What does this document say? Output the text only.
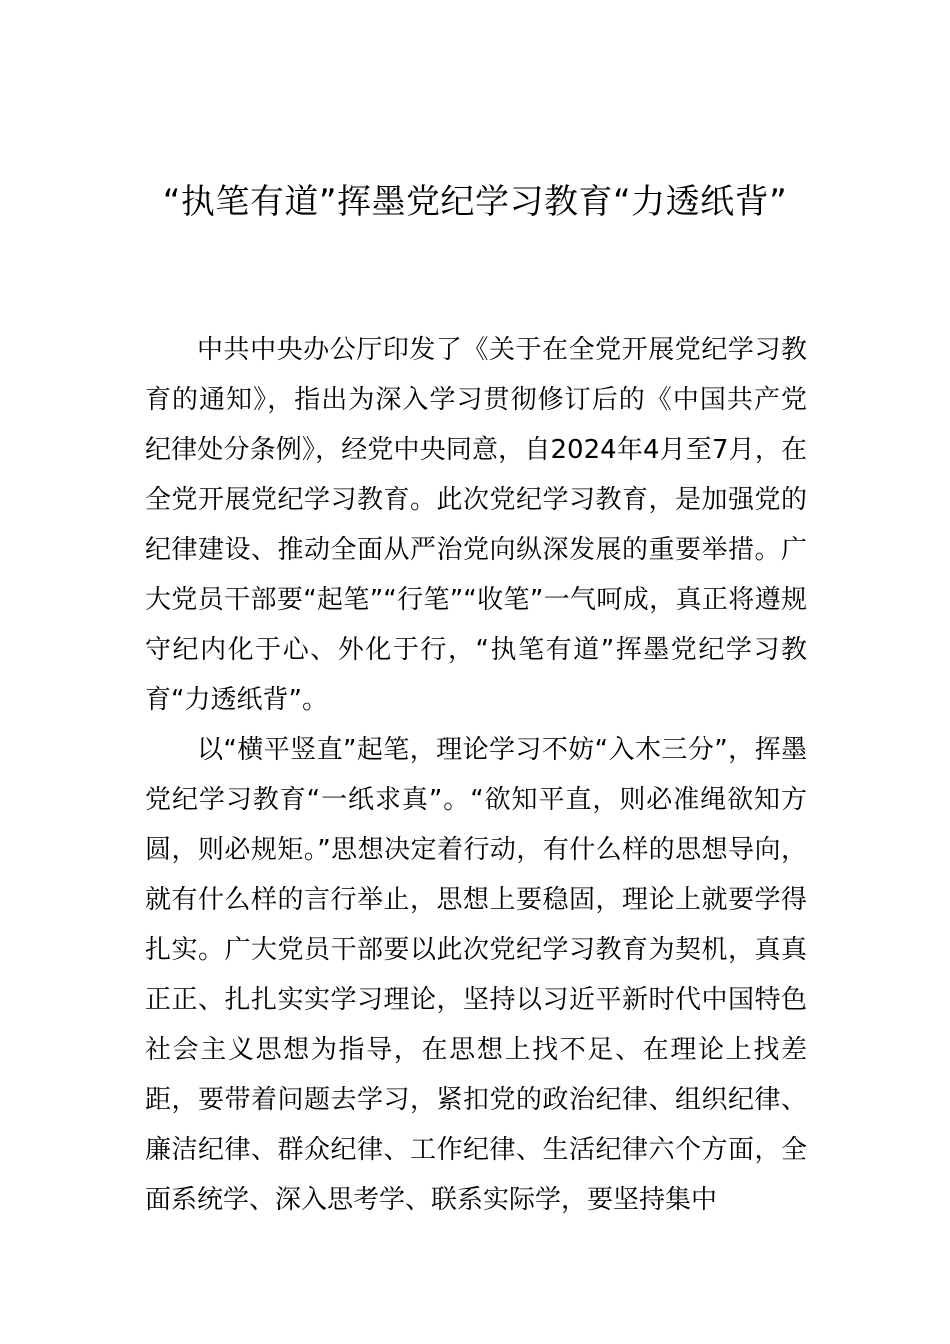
“执笔有道”挥墨党纪学习教育“力透纸背”

中共中央办公厅印发了《关于在全党开展党纪学习教育的通知》，指出为深入学习贯彻修订后的《中国共产党纪律处分条例》，经党中央同意，自2024年4月至7月，在全党开展党纪学习教育。此次党纪学习教育，是加强党的纪律建设、推动全面从严治党向纵深发展的重要举措。广大党员干部要“起笔”“行笔”“收笔”一气呵成，真正将遵规守纪内化于心、外化于行，“执笔有道”挥墨党纪学习教育“力透纸背”。

以“横平竖直”起笔，理论学习不妨“入木三分”，挥墨党纪学习教育“一纸求真”。“欲知平直，则必准绳欲知方圆，则必规矩。”思想决定着行动，有什么样的思想导向，就有什么样的言行举止，思想上要稳固，理论上就要学得扎实。广大党员干部要以此次党纪学习教育为契机，真真正正、扎扎实实学习理论，坚持以习近平新时代中国特色社会主义思想为指导，在思想上找不足、在理论上找差距，要带着问题去学习，紧扣党的政治纪律、组织纪律、廉洁纪律、群众纪律、工作纪律、生活纪律六个方面，全面系统学、深入思考学、联系实际学，要坚持集中
